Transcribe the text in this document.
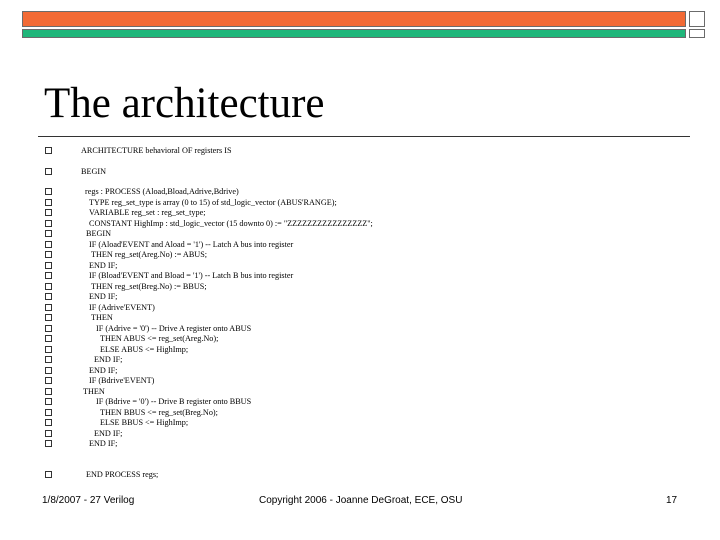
The architecture
ARCHITECTURE behavioral OF registers IS
BEGIN
regs : PROCESS (Aload,Bload,Adrive,Bdrive)
TYPE reg_set_type is array (0 to 15) of std_logic_vector (ABUS'RANGE);
VARIABLE reg_set : reg_set_type;
CONSTANT HighImp : std_logic_vector (15 downto 0) := "ZZZZZZZZZZZZZZZZ";
BEGIN
IF (Aload'EVENT and Aload = '1') -- Latch A bus into register
THEN reg_set(Areg.No) := ABUS;
END IF;
IF (Bload'EVENT and Bload = '1') -- Latch B bus into register
THEN reg_set(Breg.No) := BBUS;
END IF;
IF (Adrive'EVENT)
THEN
IF (Adrive = '0') -- Drive A register onto ABUS
THEN ABUS <= reg_set(Areg.No);
ELSE ABUS <= HighImp;
END IF;
END IF;
IF (Bdrive'EVENT)
THEN
IF (Bdrive = '0') -- Drive B register onto BBUS
THEN BBUS <= reg_set(Breg.No);
ELSE BBUS <= HighImp;
END IF;
END IF;
END PROCESS regs;
1/8/2007 - 27 Verilog	Copyright 2006 - Joanne DeGroat, ECE, OSU	17
